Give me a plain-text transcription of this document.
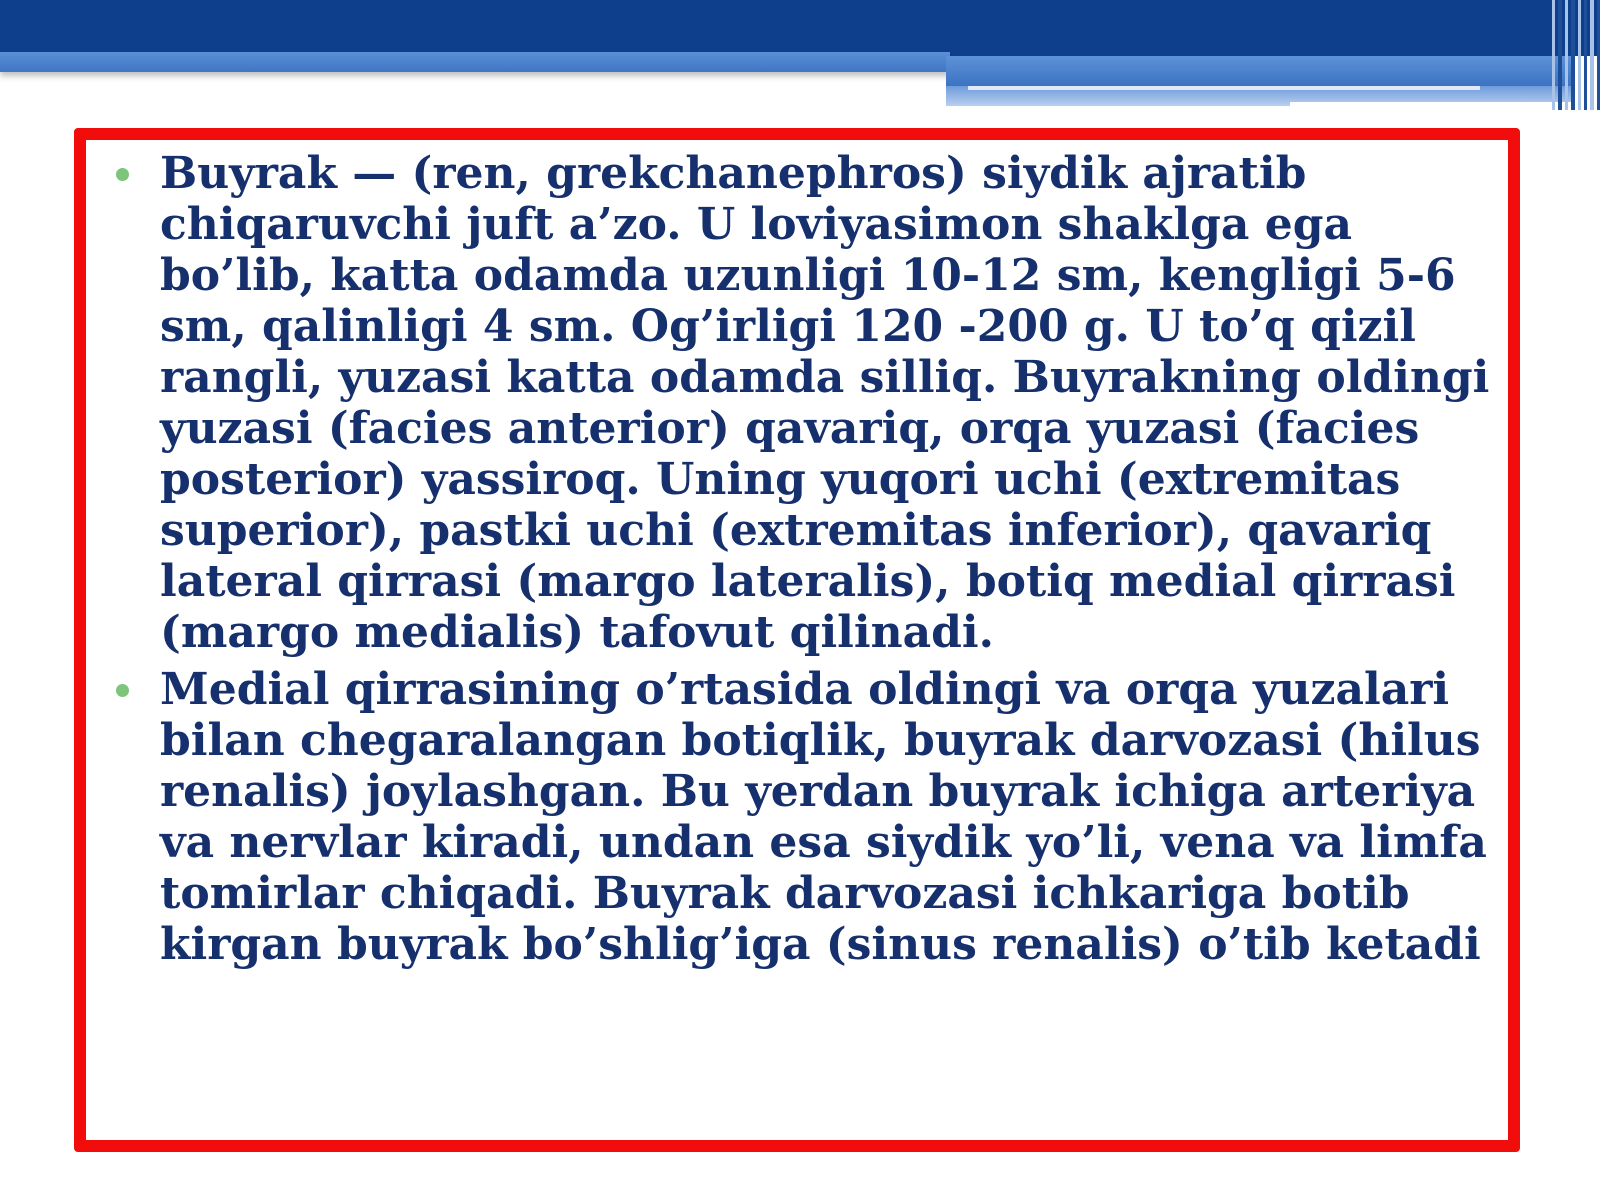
Buyrak — (ren, grekchanephros) siydik ajratib chiqaruvchi juft a’zo. U loviyasimon shaklga ega bo’lib, katta odamda uzunligi 10-12 sm, kengligi 5-6 sm, qalinligi 4 sm. Og’irligi 120 -200 g. U to’q qizil rangli, yuzasi katta odamda silliq. Buyrakning oldingi yuzasi (facies anterior) qavariq, orqa yuzasi (facies posterior) yassiroq. Uning yuqori uchi (extremitas superior), pastki uchi (extremitas inferior), qavariq lateral qirrasi (margo lateralis), botiq medial qirrasi (margo medialis) tafovut qilinadi.
Medial qirrasining o’rtasida oldingi va orqa yuzalari bilan chegaralangan botiqlik, buyrak darvozasi (hilus renalis) joylashgan. Bu yerdan buyrak ichiga arteriya va nervlar kiradi, undan esa siydik yo’li, vena va limfa tomirlar chiqadi. Buyrak darvozasi ichkariga botib kirgan buyrak bo’shlig’iga (sinus renalis) o’tib ketadi
